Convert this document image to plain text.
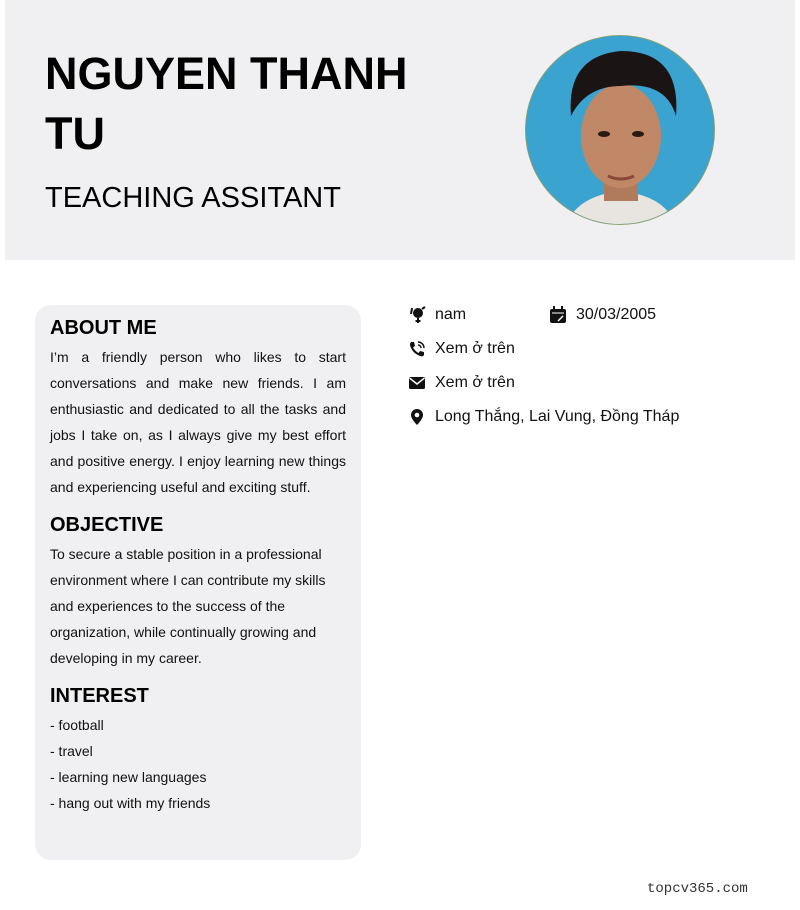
NGUYEN THANH TU
TEACHING ASSITANT
ABOUT ME

I’m a friendly person who likes to start conversations and make new friends. I am enthusiastic and dedicated to all the tasks and jobs I take on, as I always give my best effort and positive energy. I enjoy learning new things and experiencing useful and exciting stuff.

OBJECTIVE

To secure a stable position in a professional environment where I can contribute my skills and experiences to the success of the organization, while continually growing and developing in my career.

INTEREST

- football

- travel

- learning new languages

- hang out with my friends

nam	30/03/2005
Xem ở trên
Xem ở trên
Long Thắng, Lai Vung, Đồng Tháp
topcv365.com
